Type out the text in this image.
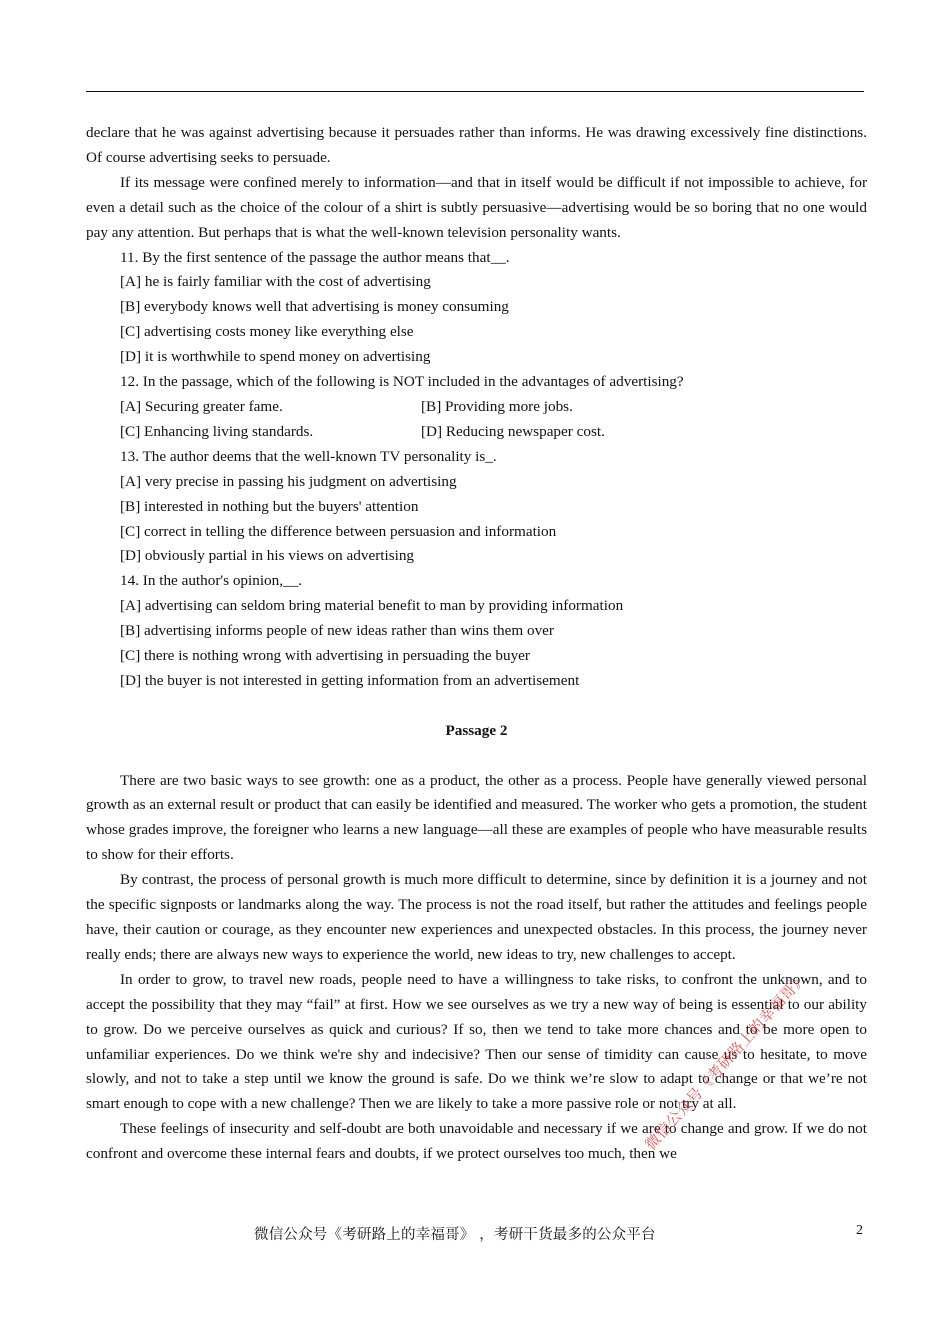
declare that he was against advertising because it persuades rather than informs. He was drawing excessively fine distinctions. Of course advertising seeks to persuade.

If its message were confined merely to information—and that in itself would be difficult if not impossible to achieve, for even a detail such as the choice of the colour of a shirt is subtly persuasive—advertising would be so boring that no one would pay any attention. But perhaps that is what the well-known television personality wants.

11. By the first sentence of the passage the author means that__.

[A] he is fairly familiar with the cost of advertising

[B] everybody knows well that advertising is money consuming

[C] advertising costs money like everything else

[D] it is worthwhile to spend money on advertising

12. In the passage, which of the following is NOT included in the advantages of advertising?

[A] Securing greater fame.	[B] Providing more jobs.

[C] Enhancing living standards.	[D] Reducing newspaper cost.

13. The author deems that the well-known TV personality is_.

[A] very precise in passing his judgment on advertising

[B] interested in nothing but the buyers' attention

[C] correct in telling the difference between persuasion and information

[D] obviously partial in his views on advertising

14. In the author's opinion,__.

[A] advertising can seldom bring material benefit to man by providing information

[B] advertising informs people of new ideas rather than wins them over

[C] there is nothing wrong with advertising in persuading the buyer

[D] the buyer is not interested in getting information from an advertisement

Passage 2

There are two basic ways to see growth: one as a product, the other as a process. People have generally viewed personal growth as an external result or product that can easily be identified and measured. The worker who gets a promotion, the student whose grades improve, the foreigner who learns a new language—all these are examples of people who have measurable results to show for their efforts.

By contrast, the process of personal growth is much more difficult to determine, since by definition it is a journey and not the specific signposts or landmarks along the way. The process is not the road itself, but rather the attitudes and feelings people have, their caution or courage, as they encounter new experiences and unexpected obstacles. In this process, the journey never really ends; there are always new ways to experience the world, new ideas to try, new challenges to accept.

In order to grow, to travel new roads, people need to have a willingness to take risks, to confront the unknown, and to accept the possibility that they may “fail” at first. How we see ourselves as we try a new way of being is essential to our ability to grow. Do we perceive ourselves as quick and curious? If so, then we tend to take more chances and to be more open to unfamiliar experiences. Do we think we're shy and indecisive? Then our sense of timidity can cause us to hesitate, to move slowly, and not to take a step until we know the ground is safe. Do we think we’re slow to adapt to change or that we’re not smart enough to cope with a new challenge? Then we are likely to take a more passive role or not try at all.

These feelings of insecurity and self-doubt are both unavoidable and necessary if we are to change and grow. If we do not confront and overcome these internal fears and doubts, if we protect ourselves too much, then we

微信公众号《考研路上的幸福哥》 ，考研干货最多的公众平台	2
微信公众号《考研路上的幸福哥》
